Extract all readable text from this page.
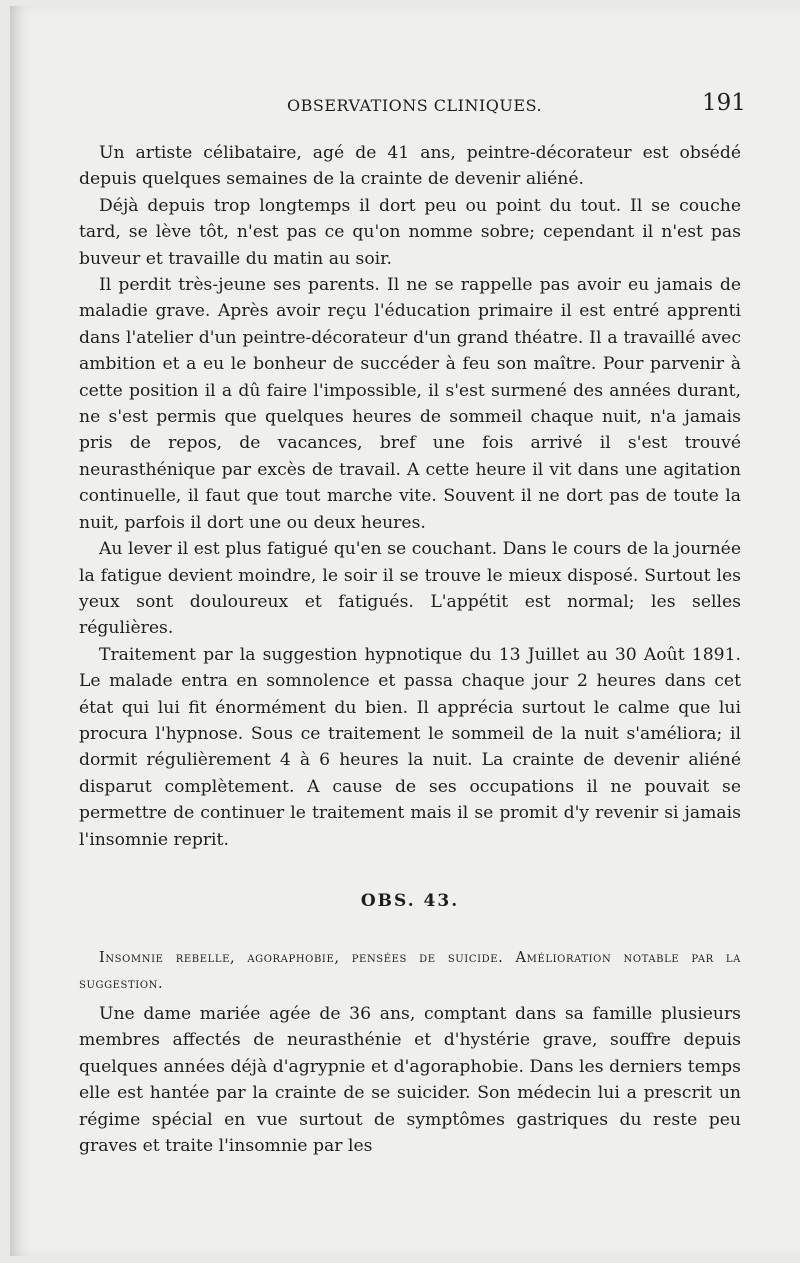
OBSERVATIONS CLINIQUES.	191

Un artiste célibataire, agé de 41 ans, peintre-décorateur est obsédé depuis quelques semaines de la crainte de devenir aliéné.

Déjà depuis trop longtemps il dort peu ou point du tout. Il se couche tard, se lève tôt, n'est pas ce qu'on nomme sobre; cependant il n'est pas buveur et travaille du matin au soir.

Il perdit très-jeune ses parents. Il ne se rappelle pas avoir eu jamais de maladie grave. Après avoir reçu l'éducation primaire il est entré apprenti dans l'atelier d'un peintre-décorateur d'un grand théatre. Il a travaillé avec ambition et a eu le bonheur de succéder à feu son maître. Pour parvenir à cette position il a dû faire l'impossible, il s'est surmené des années durant, ne s'est permis que quelques heures de sommeil chaque nuit, n'a jamais pris de repos, de vacances, bref une fois arrivé il s'est trouvé neurasthénique par excès de travail. A cette heure il vit dans une agitation continuelle, il faut que tout marche vite. Souvent il ne dort pas de toute la nuit, parfois il dort une ou deux heures.

Au lever il est plus fatigué qu'en se couchant. Dans le cours de la journée la fatigue devient moindre, le soir il se trouve le mieux disposé. Surtout les yeux sont douloureux et fatigués. L'appétit est normal; les selles régulières.

Traitement par la suggestion hypnotique du 13 Juillet au 30 Août 1891. Le malade entra en somnolence et passa chaque jour 2 heures dans cet état qui lui fit énormément du bien. Il apprécia surtout le calme que lui procura l'hypnose. Sous ce traitement le sommeil de la nuit s'améliora; il dormit régulièrement 4 à 6 heures la nuit. La crainte de devenir aliéné disparut complètement. A cause de ses occupations il ne pouvait se permettre de continuer le traitement mais il se promit d'y revenir si jamais l'insomnie reprit.

OBS. 43.

Insomnie rebelle, agoraphobie, pensées de suicide. Amélioration notable par la suggestion.

Une dame mariée agée de 36 ans, comptant dans sa famille plusieurs membres affectés de neurasthénie et d'hystérie grave, souffre depuis quelques années déjà d'agrypnie et d'agoraphobie. Dans les derniers temps elle est hantée par la crainte de se suicider. Son médecin lui a prescrit un régime spécial en vue surtout de symptômes gastriques du reste peu graves et traite l'insomnie par les
